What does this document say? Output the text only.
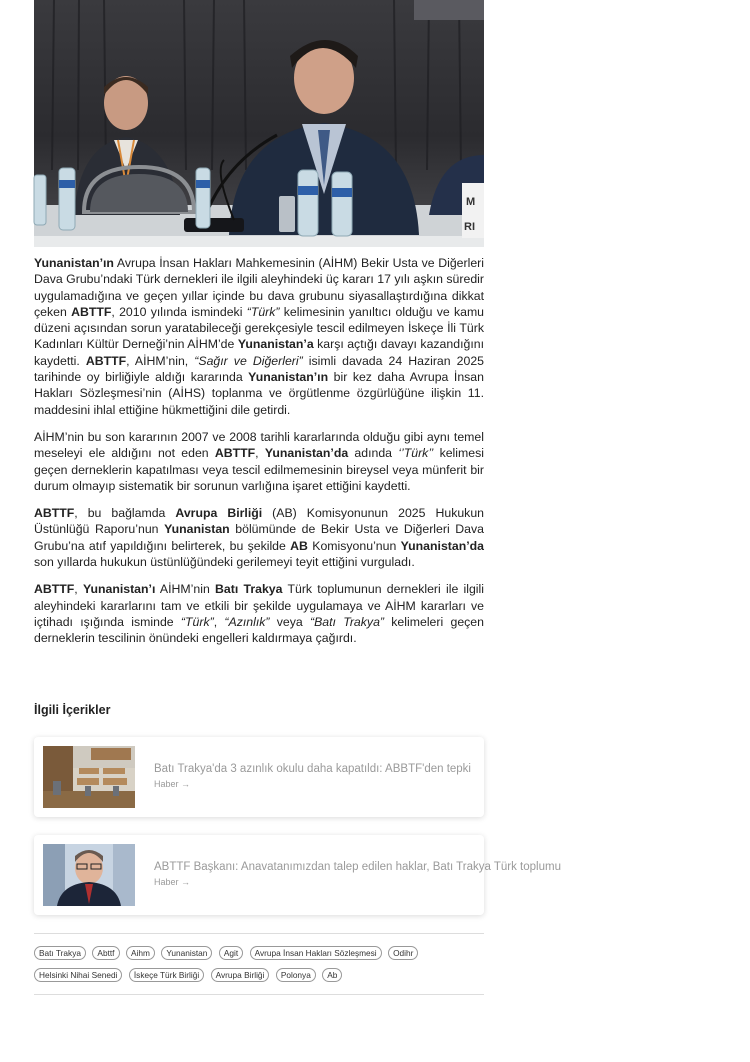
M
RI

Yunanistan’ın Avrupa İnsan Hakları Mahkemesinin (AİHM) Bekir Usta ve Diğerleri Dava Grubu’ndaki Türk dernekleri ile ilgili aleyhindeki üç kararı 17 yılı aşkın süredir uygulamadığına ve geçen yıllar içinde bu dava grubunu siyasallaştırdığına dikkat çeken ABTTF, 2010 yılında ismindeki “Türk” kelimesinin yanıltıcı olduğu ve kamu düzeni açısından sorun yaratabileceği gerekçesiyle tescil edilmeyen İskeçe İli Türk Kadınları Kültür Derneği’nin AİHM’de Yunanistan’a karşı açtığı davayı kazandığını kaydetti. ABTTF, AİHM’nin, “Sağır ve Diğerleri” isimli davada 24 Haziran 2025 tarihinde oy birliğiyle aldığı kararında Yunanistan’ın bir kez daha Avrupa İnsan Hakları Sözleşmesi’nin (AİHS) toplanma ve örgütlenme özgürlüğüne ilişkin 11. maddesini ihlal ettiğine hükmettiğini dile getirdi.

AİHM’nin bu son kararının 2007 ve 2008 tarihli kararlarında olduğu gibi aynı temel meseleyi ele aldığını not eden ABTTF, Yunanistan’da adında ‘’Türk’’ kelimesi geçen derneklerin kapatılması veya tescil edilmemesinin bireysel veya münferit bir durum olmayıp sistematik bir sorunun varlığına işaret ettiğini kaydetti.

ABTTF, bu bağlamda Avrupa Birliği (AB) Komisyonunun 2025 Hukukun Üstünlüğü Raporu’nun Yunanistan bölümünde de Bekir Usta ve Diğerleri Dava Grubu’na atıf yapıldığını belirterek, bu şekilde AB Komisyonu’nun Yunanistan’da son yıllarda hukukun üstünlüğündeki gerilemeyi teyit ettiğini vurguladı.

ABTTF, Yunanistan’ı AİHM’nin Batı Trakya Türk toplumunun dernekleri ile ilgili aleyhindeki kararlarını tam ve etkili bir şekilde uygulamaya ve AİHM kararları ve içtihadı ışığında isminde “Türk”, “Azınlık” veya “Batı Trakya” kelimeleri geçen derneklerin tescilinin önündeki engelleri kaldırmaya çağırdı.

İlgili İçerikler
Batı Trakya'da 3 azınlık okulu daha kapatıldı: ABBTF'den tepki
Haber →
ABTTF Başkanı: Anavatanımızdan talep edilen haklar, Batı Trakya Türk toplumu
Haber →
Batı Trakya Abttf Aihm Yunanistan Agit Avrupa İnsan Hakları Sözleşmesi Odihr Helsinki Nihai Senedi İskeçe Türk Birliği Avrupa Birliği Polonya Ab
